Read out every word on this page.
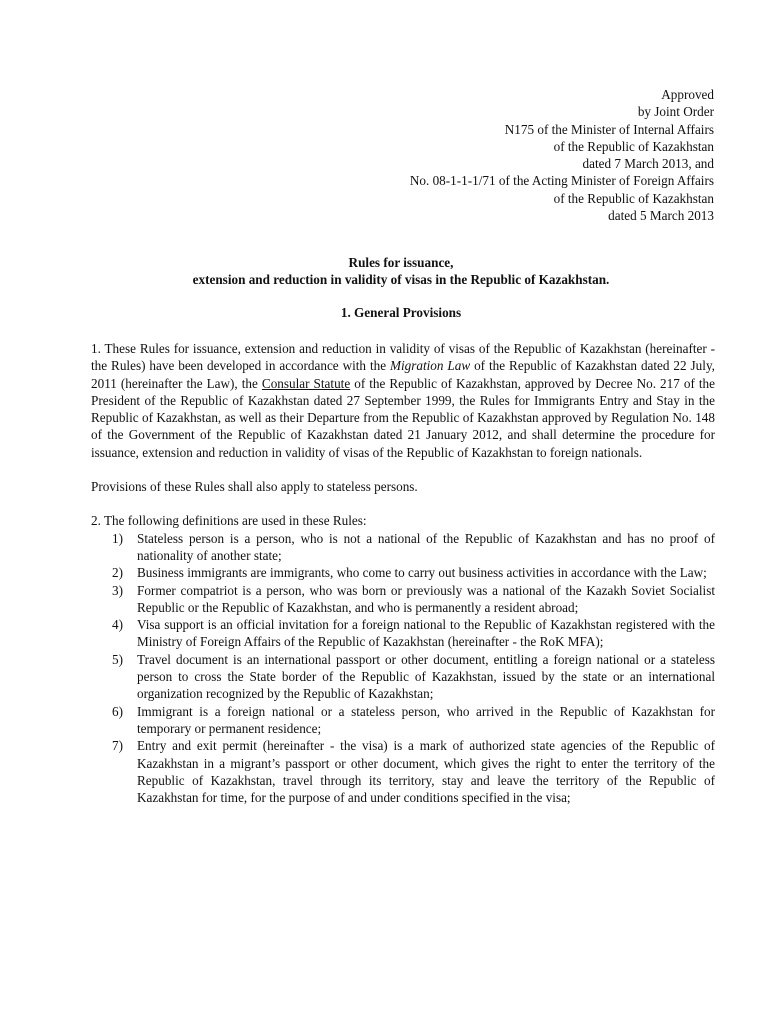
Approved
by Joint Order
N175 of the Minister of Internal Affairs
of the Republic of Kazakhstan
dated 7 March 2013, and
No. 08-1-1-1/71 of the Acting Minister of Foreign Affairs
of the Republic of Kazakhstan
dated 5 March 2013
Rules for issuance,
extension and reduction in validity of visas in the Republic of Kazakhstan.
1. General Provisions

1. These Rules for issuance, extension and reduction in validity of visas of the Republic of Kazakhstan (hereinafter - the Rules) have been developed in accordance with the Migration Law of the Republic of Kazakhstan dated 22 July, 2011 (hereinafter the Law), the Consular Statute of the Republic of Kazakhstan, approved by Decree No. 217 of the President of the Republic of Kazakhstan dated 27 September 1999, the Rules for Immigrants Entry and Stay in the Republic of Kazakhstan, as well as their Departure from the Republic of Kazakhstan approved by Regulation No. 148 of the Government of the Republic of Kazakhstan dated 21 January 2012, and shall determine the procedure for issuance, extension and reduction in validity of visas of the Republic of Kazakhstan to foreign nationals.

Provisions of these Rules shall also apply to stateless persons.

2. The following definitions are used in these Rules:

1) Stateless person is a person, who is not a national of the Republic of Kazakhstan and has no proof of nationality of another state;
2) Business immigrants are immigrants, who come to carry out business activities in accordance with the Law;
3) Former compatriot is a person, who was born or previously was a national of the Kazakh Soviet Socialist Republic or the Republic of Kazakhstan, and who is permanently a resident abroad;
4) Visa support is an official invitation for a foreign national to the Republic of Kazakhstan registered with the Ministry of Foreign Affairs of the Republic of Kazakhstan (hereinafter - the RoK MFA);
5) Travel document is an international passport or other document, entitling a foreign national or a stateless person to cross the State border of the Republic of Kazakhstan, issued by the state or an international organization recognized by the Republic of Kazakhstan;
6) Immigrant is a foreign national or a stateless person, who arrived in the Republic of Kazakhstan for temporary or permanent residence;
7) Entry and exit permit (hereinafter - the visa) is a mark of authorized state agencies of the Republic of Kazakhstan in a migrant’s passport or other document, which gives the right to enter the territory of the Republic of Kazakhstan, travel through its territory, stay and leave the territory of the Republic of Kazakhstan for time, for the purpose of and under conditions specified in the visa;
